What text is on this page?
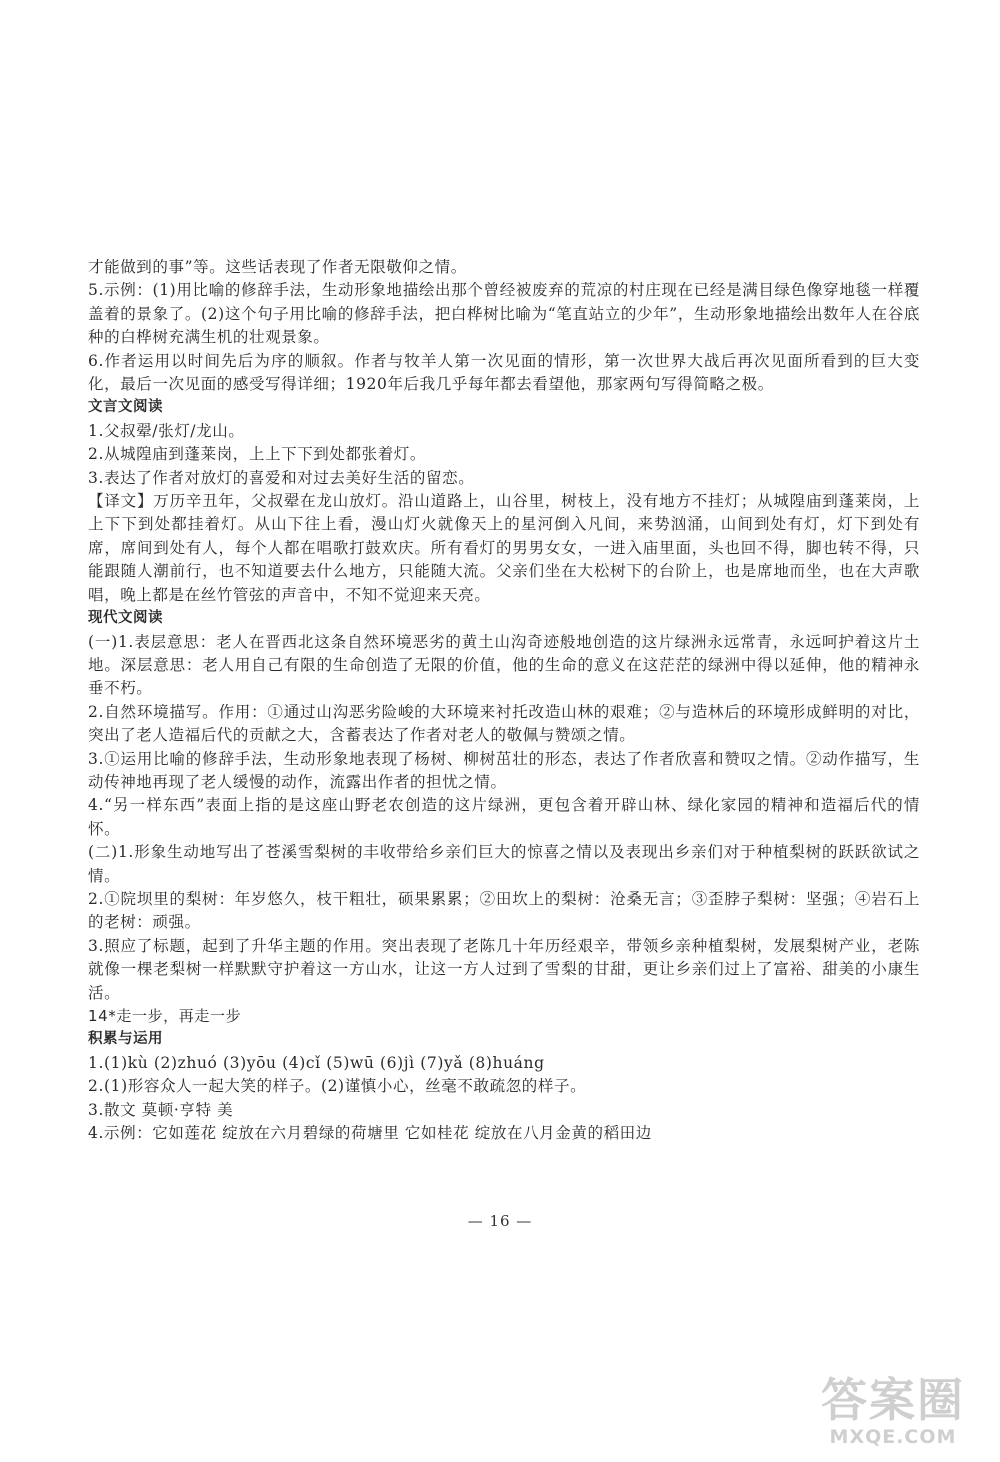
才能做到的事”等。这些话表现了作者无限敬仰之情。

5.示例：(1)用比喻的修辞手法，生动形象地描绘出那个曾经被废弃的荒凉的村庄现在已经是满目绿色像穿地毯一样覆盖着的景象了。(2)这个句子用比喻的修辞手法，把白桦树比喻为“笔直站立的少年”，生动形象地描绘出数年人在谷底种的白桦树充满生机的壮观景象。

6.作者运用以时间先后为序的顺叙。作者与牧羊人第一次见面的情形，第一次世界大战后再次见面所看到的巨大变化，最后一次见面的感受写得详细；1920年后我几乎每年都去看望他，那家两句写得简略之极。

文言文阅读

1.父叔翚/张灯/龙山。

2.从城隍庙到蓬莱岗，上上下下到处都张着灯。

3.表达了作者对放灯的喜爱和对过去美好生活的留恋。

【译文】万历辛丑年，父叔翚在龙山放灯。沿山道路上，山谷里，树枝上，没有地方不挂灯；从城隍庙到蓬莱岗，上上下下到处都挂着灯。从山下往上看，漫山灯火就像天上的星河倒入凡间，来势汹涌，山间到处有灯，灯下到处有席，席间到处有人，每个人都在唱歌打鼓欢庆。所有看灯的男男女女，一进入庙里面，头也回不得，脚也转不得，只能跟随人潮前行，也不知道要去什么地方，只能随大流。父亲们坐在大松树下的台阶上，也是席地而坐，也在大声歌唱，晚上都是在丝竹管弦的声音中，不知不觉迎来天亮。

现代文阅读

(一)1.表层意思：老人在晋西北这条自然环境恶劣的黄土山沟奇迹般地创造的这片绿洲永远常青，永远呵护着这片土地。深层意思：老人用自己有限的生命创造了无限的价值，他的生命的意义在这茫茫的绿洲中得以延伸，他的精神永垂不朽。

2.自然环境描写。作用：①通过山沟恶劣险峻的大环境来衬托改造山林的艰难；②与造林后的环境形成鲜明的对比，突出了老人造福后代的贡献之大，含蓄表达了作者对老人的敬佩与赞颂之情。

3.①运用比喻的修辞手法，生动形象地表现了杨树、柳树茁壮的形态，表达了作者欣喜和赞叹之情。②动作描写，生动传神地再现了老人缓慢的动作，流露出作者的担忧之情。

4.“另一样东西”表面上指的是这座山野老农创造的这片绿洲，更包含着开辟山林、绿化家园的精神和造福后代的情怀。

(二)1.形象生动地写出了苍溪雪梨树的丰收带给乡亲们巨大的惊喜之情以及表现出乡亲们对于种植梨树的跃跃欲试之情。

2.①院坝里的梨树：年岁悠久，枝干粗壮，硕果累累；②田坎上的梨树：沧桑无言；③歪脖子梨树：坚强；④岩石上的老树：顽强。

3.照应了标题，起到了升华主题的作用。突出表现了老陈几十年历经艰辛，带领乡亲种植梨树，发展梨树产业，老陈就像一棵老梨树一样默默守护着这一方山水，让这一方人过到了雪梨的甘甜，更让乡亲们过上了富裕、甜美的小康生活。

14*走一步，再走一步

积累与运用

1.(1)kù (2)zhuó (3)yōu (4)cǐ (5)wū (6)jì (7)yǎ (8)huáng

2.(1)形容众人一起大笑的样子。(2)谨慎小心，丝毫不敢疏忽的样子。

3.散文 莫顿·亨特 美

4.示例：它如莲花 绽放在六月碧绿的荷塘里 它如桂花 绽放在八月金黄的稻田边

— 16 —
答案圈
MXQE.COM
